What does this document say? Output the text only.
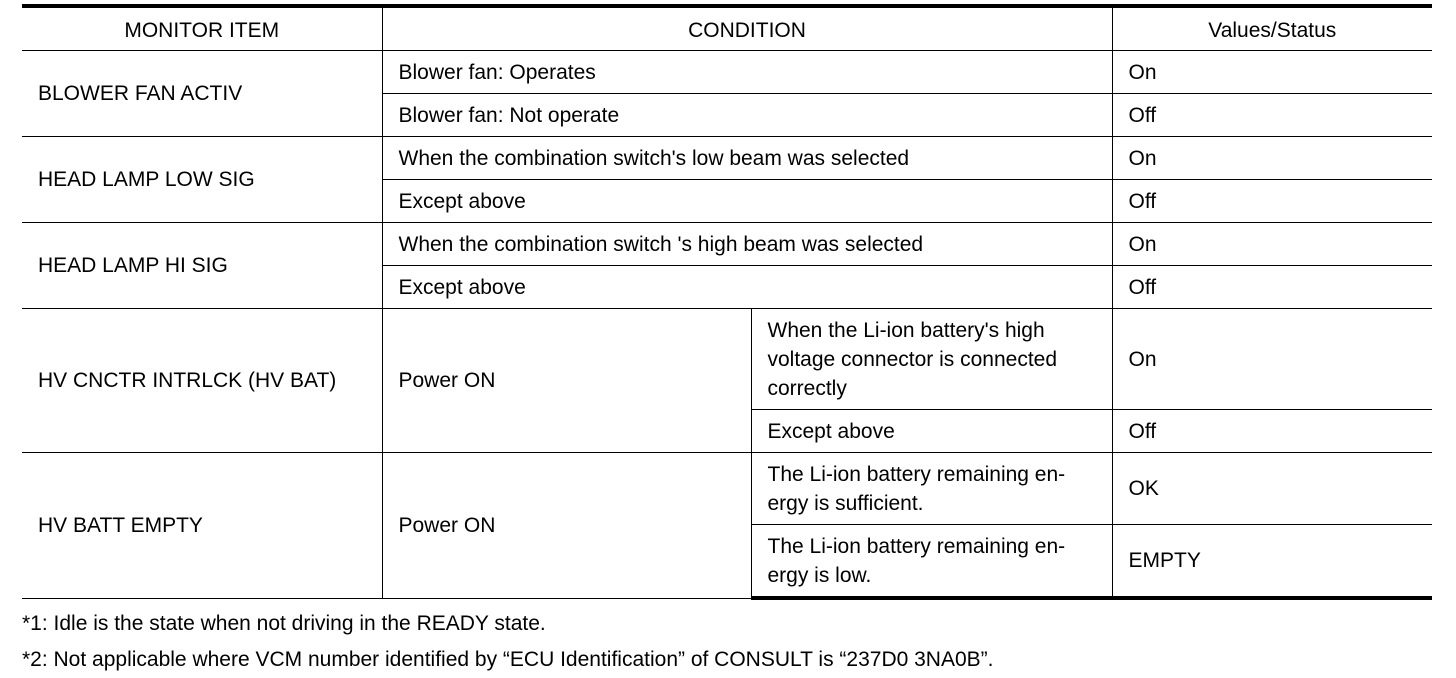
MONITOR ITEM	CONDITION		Values/Status
BLOWER FAN ACTIV	Blower fan: Operates		On
	Blower fan: Not operate		Off
HEAD LAMP LOW SIG	When the combination switch's low beam was selected		On
	Except above		Off
HEAD LAMP HI SIG	When the combination switch 's high beam was selected		On
	Except above		Off
HV CNCTR INTRLCK (HV BAT)	Power ON	When the Li-ion battery's high voltage connector is connected correctly	On
		Except above	Off
HV BATT EMPTY	Power ON	The Li-ion battery remaining en-ergy is sufficient.	OK
		The Li-ion battery remaining en-ergy is low.	EMPTY
*1: Idle is the state when not driving in the READY state.
*2: Not applicable where VCM number identified by “ECU Identification” of CONSULT is “237D0 3NA0B”.
